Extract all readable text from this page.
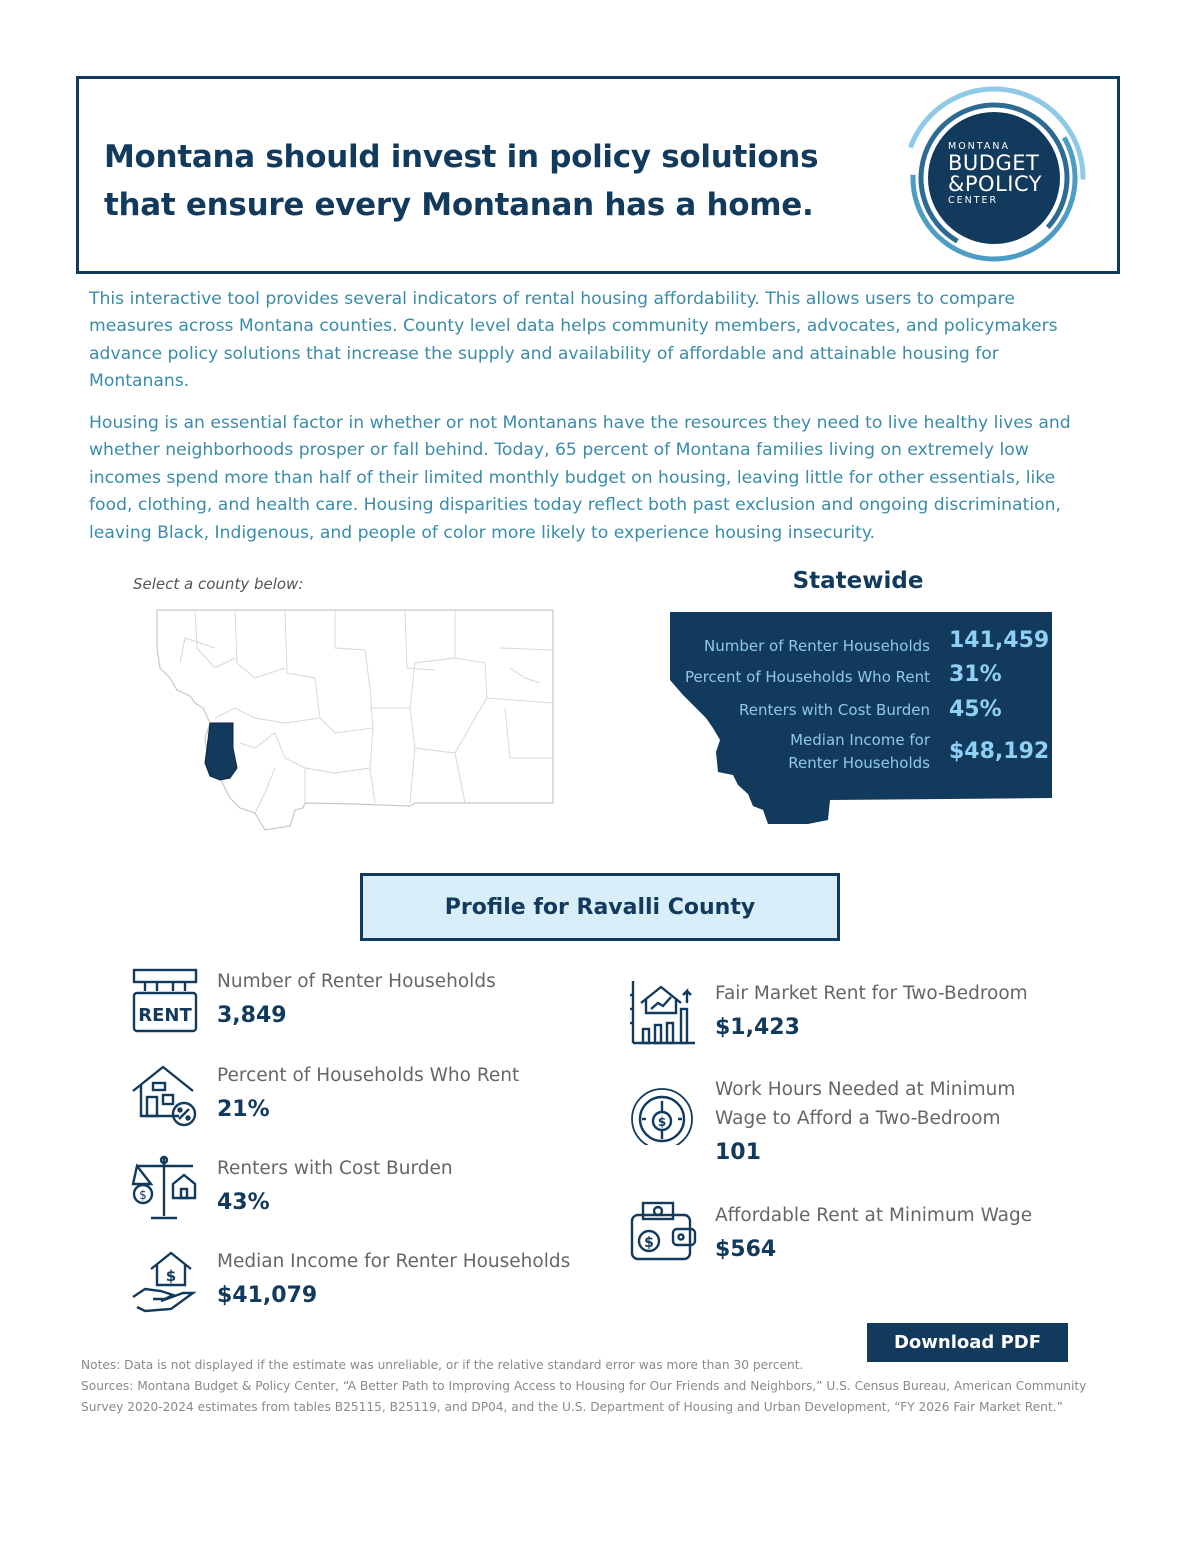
Montana should invest in policy solutions that ensure every Montanan has a home.
MONTANA
BUDGET
&POLICY
CENTER

This interactive tool provides several indicators of rental housing affordability. This allows users to compare measures across Montana counties. County level data helps community members, advocates, and policymakers advance policy solutions that increase the supply and availability of affordable and attainable housing for Montanans.

Housing is an essential factor in whether or not Montanans have the resources they need to live healthy lives and whether neighborhoods prosper or fall behind. Today, 65 percent of Montana families living on extremely low incomes spend more than half of their limited monthly budget on housing, leaving little for other essentials, like food, clothing, and health care. Housing disparities today reflect both past exclusion and ongoing discrimination, leaving Black, Indigenous, and people of color more likely to experience housing insecurity.

Select a county below:	Statewide
Number of Renter Households 141,459
Percent of Households Who Rent 31%
Renters with Cost Burden 45%
Median Income for
Renter Households $48,192
Profile for Ravalli County
RENT
Number of Renter Households
3,849
Percent of Households Who Rent
21%
$
Renters with Cost Burden
43%
$
Median Income for Renter Households
$41,079
Fair Market Rent for Two-Bedroom
$1,423
$
Work Hours Needed at Minimum
Wage to Afford a Two-Bedroom
101
$
Affordable Rent at Minimum Wage
$564
Download PDF
Notes: Data is not displayed if the estimate was unreliable, or if the relative standard error was more than 30 percent.
Sources: Montana Budget & Policy Center, “A Better Path to Improving Access to Housing for Our Friends and Neighbors,” U.S. Census Bureau, American Community Survey 2020-2024 estimates from tables B25115, B25119, and DP04, and the U.S. Department of Housing and Urban Development, “FY 2026 Fair Market Rent.”
